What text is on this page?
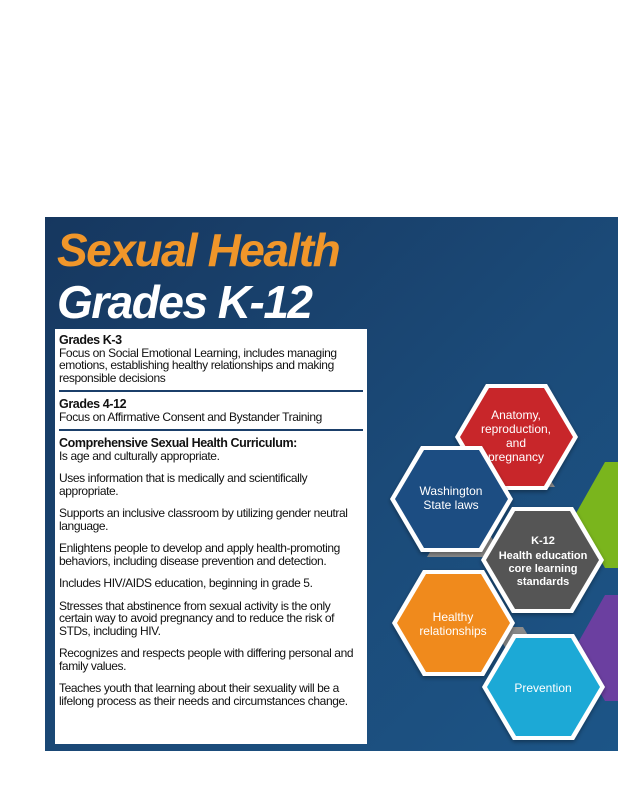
Sexual Health
Grades K-12
Grades K-3
Focus on Social Emotional Learning, includes managing emotions, establishing healthy relationships and making responsible decisions
Grades 4-12
Focus on Affirmative Consent and Bystander Training
Comprehensive Sexual Health Curriculum:
Is age and culturally appropriate.
Uses information that is medically and scientifically appropriate.
Supports an inclusive classroom by utilizing gender neutral language.
Enlightens people to develop and apply health-promoting behaviors, including disease prevention and detection.
Includes HIV/AIDS education, beginning in grade 5.
Stresses that abstinence from sexual activity is the only certain way to avoid pregnancy and to reduce the risk of STDs, including HIV.
Recognizes and respects people with differing personal and family values.
Teaches youth that learning about their sexuality will be a lifelong process as their needs and circumstances change.
Anatomy,
reproduction,
and
pregnancy
Washington
State laws
K-12
Health education
core learning
standards
Healthy
relationships
Prevention
